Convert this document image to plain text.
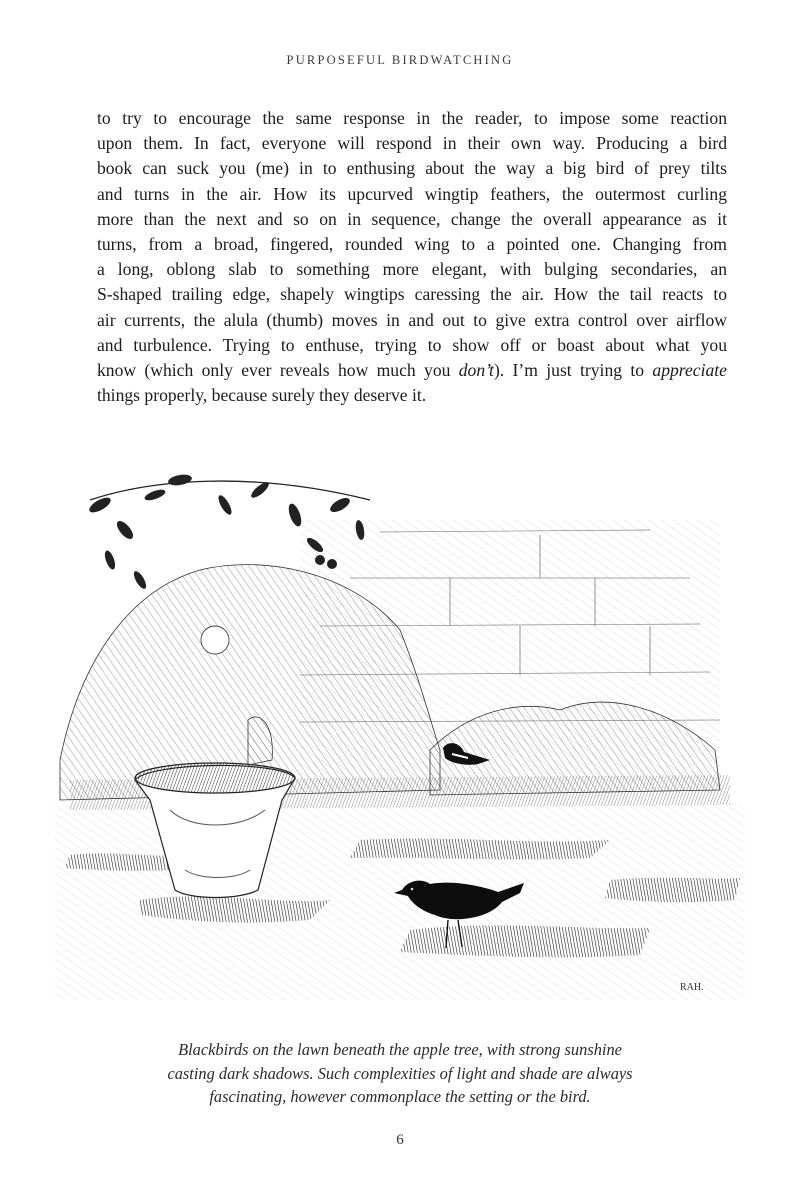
PURPOSEFUL BIRDWATCHING
to try to encourage the same response in the reader, to impose some reaction
upon them. In fact, everyone will respond in their own way. Producing a bird
book can suck you (me) in to enthusing about the way a big bird of prey tilts
and turns in the air. How its upcurved wingtip feathers, the outermost curling
more than the next and so on in sequence, change the overall appearance as it
turns, from a broad, fingered, rounded wing to a pointed one. Changing from
a long, oblong slab to something more elegant, with bulging secondaries, an
S-shaped trailing edge, shapely wingtips caressing the air. How the tail reacts to
air currents, the alula (thumb) moves in and out to give extra control over airflow
and turbulence. Trying to enthuse, trying to show off or boast about what you
know (which only ever reveals how much you don’t). I’m just trying to appreciate
things properly, because surely they deserve it.
RAH.
Blackbirds on the lawn beneath the apple tree, with strong sunshine
casting dark shadows. Such complexities of light and shade are always
fascinating, however commonplace the setting or the bird.
6
